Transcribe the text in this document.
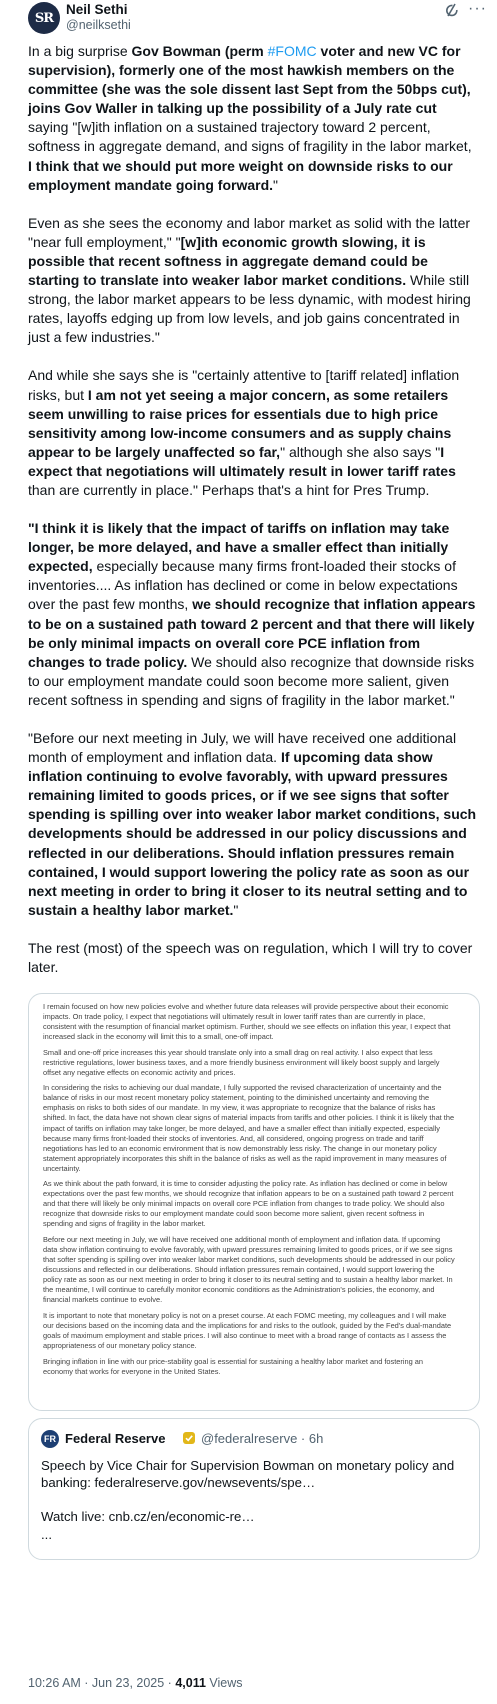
SR
Neil Sethi
@neilksethi
···

In a big surprise Gov Bowman (perm #FOMC voter and new VC for supervision), formerly one of the most hawkish members on the committee (she was the sole dissent last Sept from the 50bps cut), joins Gov Waller in talking up the possibility of a July rate cut saying "[w]ith inflation on a sustained trajectory toward 2 percent, softness in aggregate demand, and signs of fragility in the labor market, I think that we should put more weight on downside risks to our employment mandate going forward."

Even as she sees the economy and labor market as solid with the latter "near full employment," "[w]ith economic growth slowing, it is possible that recent softness in aggregate demand could be starting to translate into weaker labor market conditions. While still strong, the labor market appears to be less dynamic, with modest hiring rates, layoffs edging up from low levels, and job gains concentrated in just a few industries."

And while she says she is "certainly attentive to [tariff related] inflation risks, but I am not yet seeing a major concern, as some retailers seem unwilling to raise prices for essentials due to high price sensitivity among low-income consumers and as supply chains appear to be largely unaffected so far," although she also says "I expect that negotiations will ultimately result in lower tariff rates than are currently in place." Perhaps that's a hint for Pres Trump.

"I think it is likely that the impact of tariffs on inflation may take longer, be more delayed, and have a smaller effect than initially expected, especially because many firms front-loaded their stocks of inventories.... As inflation has declined or come in below expectations over the past few months, we should recognize that inflation appears to be on a sustained path toward 2 percent and that there will likely be only minimal impacts on overall core PCE inflation from changes to trade policy. We should also recognize that downside risks to our employment mandate could soon become more salient, given recent softness in spending and signs of fragility in the labor market."

"Before our next meeting in July, we will have received one additional month of employment and inflation data. If upcoming data show inflation continuing to evolve favorably, with upward pressures remaining limited to goods prices, or if we see signs that softer spending is spilling over into weaker labor market conditions, such developments should be addressed in our policy discussions and reflected in our deliberations. Should inflation pressures remain contained, I would support lowering the policy rate as soon as our next meeting in order to bring it closer to its neutral setting and to sustain a healthy labor market."

The rest (most) of the speech was on regulation, which I will try to cover later.

I remain focused on how new policies evolve and whether future data releases will provide perspective about their economic impacts. On trade policy, I expect that negotiations will ultimately result in lower tariff rates than are currently in place, consistent with the resumption of financial market optimism. Further, should we see effects on inflation this year, I expect that increased slack in the economy will limit this to a small, one-off impact.

Small and one-off price increases this year should translate only into a small drag on real activity. I also expect that less restrictive regulations, lower business taxes, and a more friendly business environment will likely boost supply and largely offset any negative effects on economic activity and prices.

In considering the risks to achieving our dual mandate, I fully supported the revised characterization of uncertainty and the balance of risks in our most recent monetary policy statement, pointing to the diminished uncertainty and removing the emphasis on risks to both sides of our mandate. In my view, it was appropriate to recognize that the balance of risks has shifted. In fact, the data have not shown clear signs of material impacts from tariffs and other policies. I think it is likely that the impact of tariffs on inflation may take longer, be more delayed, and have a smaller effect than initially expected, especially because many firms front-loaded their stocks of inventories. And, all considered, ongoing progress on trade and tariff negotiations has led to an economic environment that is now demonstrably less risky. The change in our monetary policy statement appropriately incorporates this shift in the balance of risks as well as the rapid improvement in many measures of uncertainty.

As we think about the path forward, it is time to consider adjusting the policy rate. As inflation has declined or come in below expectations over the past few months, we should recognize that inflation appears to be on a sustained path toward 2 percent and that there will likely be only minimal impacts on overall core PCE inflation from changes to trade policy. We should also recognize that downside risks to our employment mandate could soon become more salient, given recent softness in spending and signs of fragility in the labor market.

Before our next meeting in July, we will have received one additional month of employment and inflation data. If upcoming data show inflation continuing to evolve favorably, with upward pressures remaining limited to goods prices, or if we see signs that softer spending is spilling over into weaker labor market conditions, such developments should be addressed in our policy discussions and reflected in our deliberations. Should inflation pressures remain contained, I would support lowering the policy rate as soon as our next meeting in order to bring it closer to its neutral setting and to sustain a healthy labor market. In the meantime, I will continue to carefully monitor economic conditions as the Administration's policies, the economy, and financial markets continue to evolve.

It is important to note that monetary policy is not on a preset course. At each FOMC meeting, my colleagues and I will make our decisions based on the incoming data and the implications for and risks to the outlook, guided by the Fed's dual-mandate goals of maximum employment and stable prices. I will also continue to meet with a broad range of contacts as I assess the appropriateness of our monetary policy stance.

Bringing inflation in line with our price-stability goal is essential for sustaining a healthy labor market and fostering an economy that works for everyone in the United States.

FR Federal Reserve	@federalreserve · 6h
Speech by Vice Chair for Supervision Bowman on monetary policy and
banking: federalreserve.gov/newsevents/spe…
Watch live: cnb.cz/en/economic-re…
...
10:26 AM · Jun 23, 2025 · 4,011 Views
